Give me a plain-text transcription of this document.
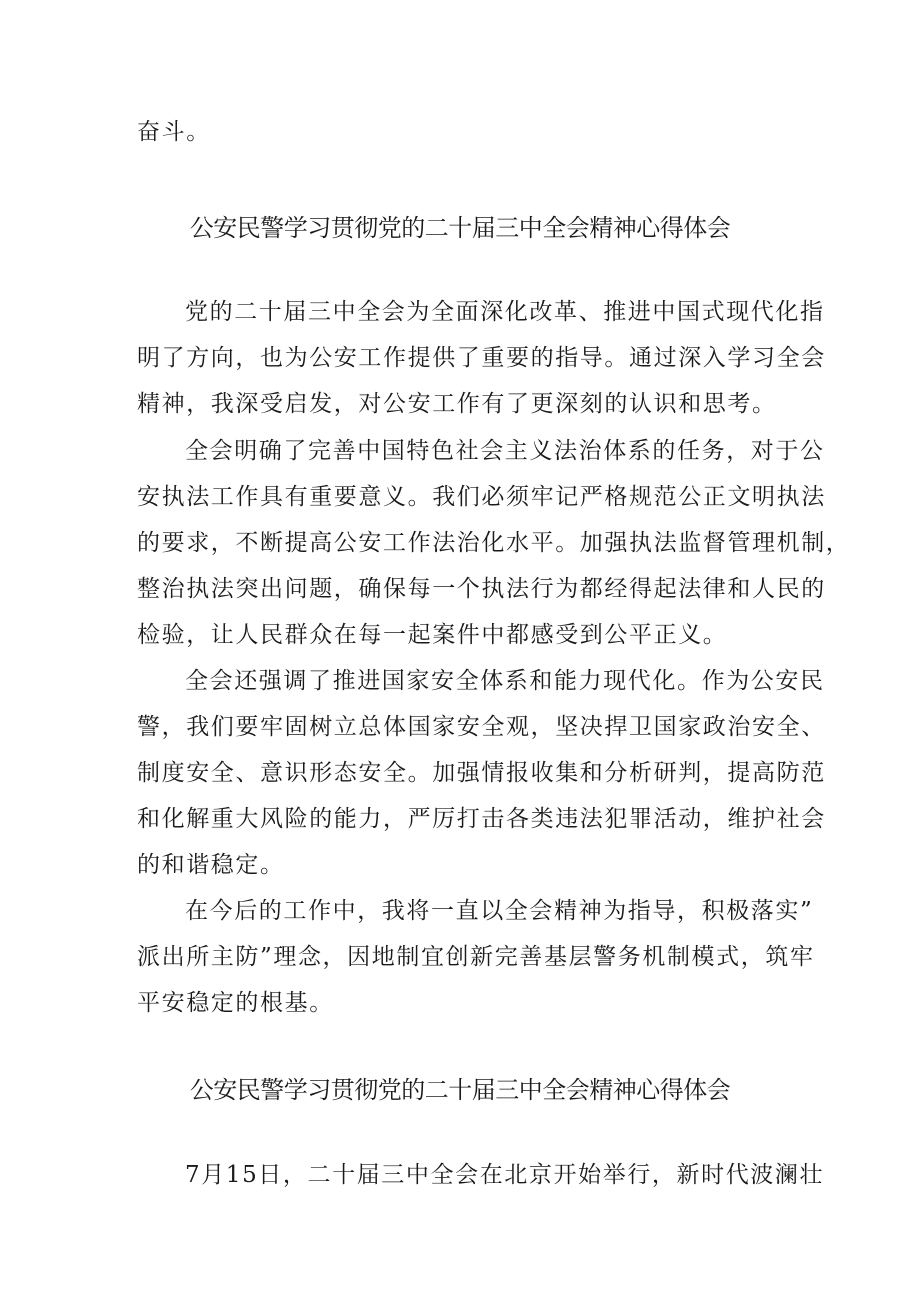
奋斗。
公安民警学习贯彻党的二十届三中全会精神心得体会
党的二十届三中全会为全面深化改革、推进中国式现代化指
明了方向，也为公安工作提供了重要的指导。通过深入学习全会
精神，我深受启发，对公安工作有了更深刻的认识和思考。
全会明确了完善中国特色社会主义法治体系的任务，对于公
安执法工作具有重要意义。我们必须牢记严格规范公正文明执法
的要求，不断提高公安工作法治化水平。加强执法监督管理机制，
整治执法突出问题，确保每一个执法行为都经得起法律和人民的
检验，让人民群众在每一起案件中都感受到公平正义。
全会还强调了推进国家安全体系和能力现代化。作为公安民
警，我们要牢固树立总体国家安全观，坚决捍卫国家政治安全、
制度安全、意识形态安全。加强情报收集和分析研判，提高防范
和化解重大风险的能力，严厉打击各类违法犯罪活动，维护社会
的和谐稳定。
在今后的工作中，我将一直以全会精神为指导，积极落实”
派出所主防”理念，因地制宜创新完善基层警务机制模式，筑牢
平安稳定的根基。
公安民警学习贯彻党的二十届三中全会精神心得体会
7月15日，二十届三中全会在北京开始举行，新时代波澜壮
